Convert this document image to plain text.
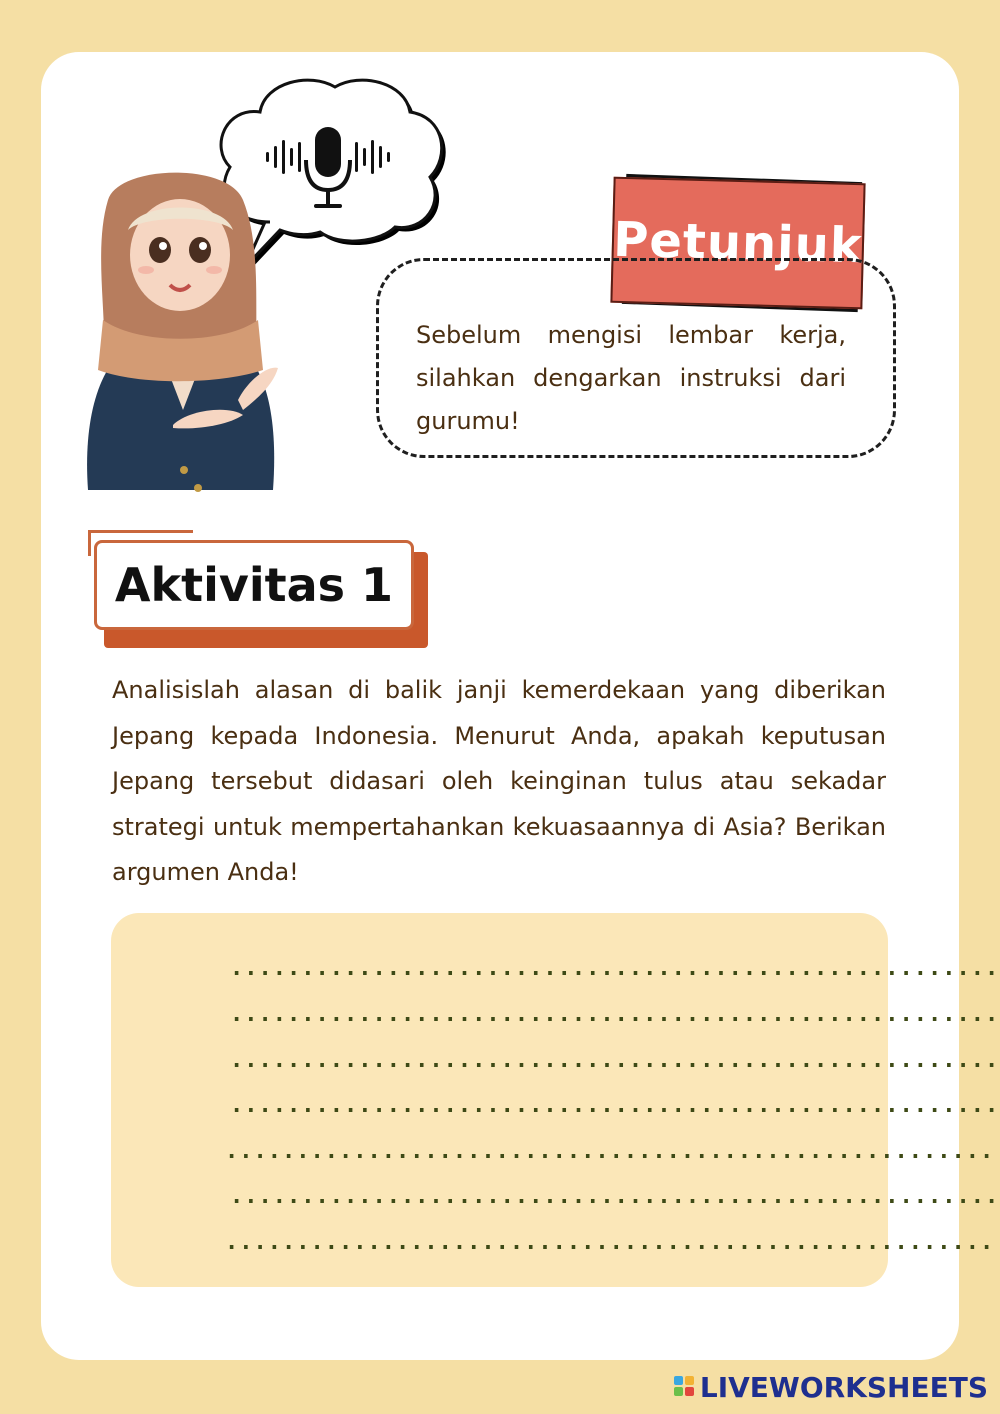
Petunjuk
Sebelum mengisi lembar kerja, silahkan dengarkan instruksi dari gurumu!
Aktivitas 1
Analisislah alasan di balik janji kemerdekaan yang diberikan Jepang kepada Indonesia. Menurut Anda, apakah keputusan Jepang tersebut didasari oleh keinginan tulus atau sekadar strategi untuk mempertahankan kekuasaannya di Asia? Berikan argumen Anda!
......................................................
......................................................
......................................................
......................................................
......................................................
......................................................
......................................................
LIVEWORKSHEETS
